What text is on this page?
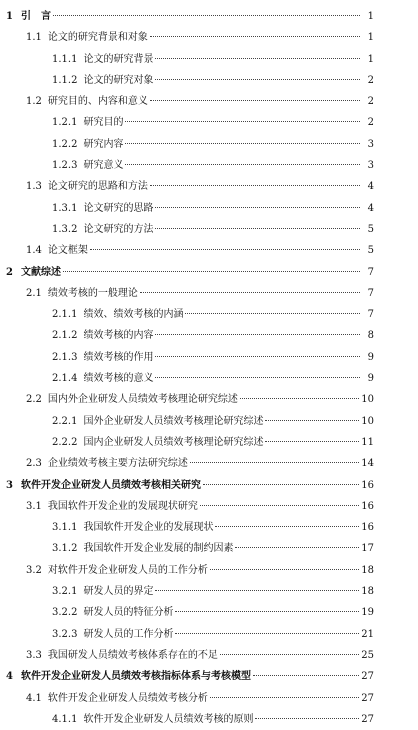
1 引　言	1
1.1 论文的研究背景和对象	1
1.1.1 论文的研究背景	1
1.1.2 论文的研究对象	2
1.2 研究目的、内容和意义	2
1.2.1 研究目的	2
1.2.2 研究内容	3
1.2.3 研究意义	3
1.3 论文研究的思路和方法	4
1.3.1 论文研究的思路	4
1.3.2 论文研究的方法	5
1.4 论文框架	5
2 文献综述	7
2.1 绩效考核的一般理论	7
2.1.1 绩效、绩效考核的内涵	7
2.1.2 绩效考核的内容	8
2.1.3 绩效考核的作用	9
2.1.4 绩效考核的意义	9
2.2 国内外企业研发人员绩效考核理论研究综述	10
2.2.1 国外企业研发人员绩效考核理论研究综述	10
2.2.2 国内企业研发人员绩效考核理论研究综述	11
2.3 企业绩效考核主要方法研究综述	14
3 软件开发企业研发人员绩效考核相关研究	16
3.1 我国软件开发企业的发展现状研究	16
3.1.1 我国软件开发企业的发展现状	16
3.1.2 我国软件开发企业发展的制约因素	17
3.2 对软件开发企业研发人员的工作分析	18
3.2.1 研发人员的界定	18
3.2.2 研发人员的特征分析	19
3.2.3 研发人员的工作分析	21
3.3 我国研发人员绩效考核体系存在的不足	25
4 软件开发企业研发人员绩效考核指标体系与考核模型	27
4.1 软件开发企业研发人员绩效考核分析	27
4.1.1 软件开发企业研发人员绩效考核的原则	27
